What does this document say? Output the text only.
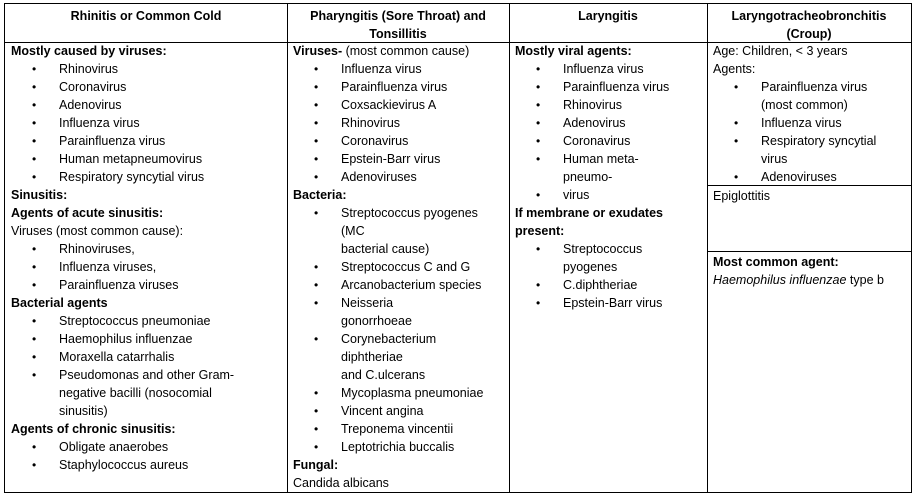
Rhinitis or Common Cold	Pharyngitis (Sore Throat) and
Tonsillitis
Laryngitis	Laryngotracheobronchitis
(Croup)
Mostly caused by viruses:
• Rhinovirus
• Coronavirus
• Adenovirus
• Influenza virus
• Parainfluenza virus
• Human metapneumovirus
• Respiratory syncytial virus
Sinusitis:
Agents of acute sinusitis:
Viruses (most common cause):
• Rhinoviruses,
• Influenza viruses,
• Parainfluenza viruses
Bacterial agents
• Streptococcus pneumoniae
• Haemophilus influenzae
• Moraxella catarrhalis
• Pseudomonas and other Gram-
negative bacilli (nosocomial
sinusitis)
Agents of chronic sinusitis:
• Obligate anaerobes
• Staphylococcus aureus
Viruses- (most common cause)
• Influenza virus
• Parainfluenza virus
• Coxsackievirus A
• Rhinovirus
• Coronavirus
• Epstein-Barr virus
• Adenoviruses
Bacteria:
• Streptococcus pyogenes
(MC
bacterial cause)
• Streptococcus C and G
• Arcanobacterium species
• Neisseria
gonorrhoeae
• Corynebacterium
diphtheriae
and C.ulcerans
• Mycoplasma pneumoniae
• Vincent angina
• Treponema vincentii
• Leptotrichia buccalis
Fungal:
Candida albicans
Mostly viral agents:
• Influenza virus
• Parainfluenza virus
• Rhinovirus
• Adenovirus
• Coronavirus
• Human meta-
pneumo-
• virus
If membrane or exudates
present:
• Streptococcus
pyogenes
• C.diphtheriae
• Epstein-Barr virus
Age: Children, < 3 years
Agents:
• Parainfluenza virus
(most common)
• Influenza virus
• Respiratory syncytial
virus
• Adenoviruses
Epiglottitis
Most common agent:
Haemophilus influenzae type b
